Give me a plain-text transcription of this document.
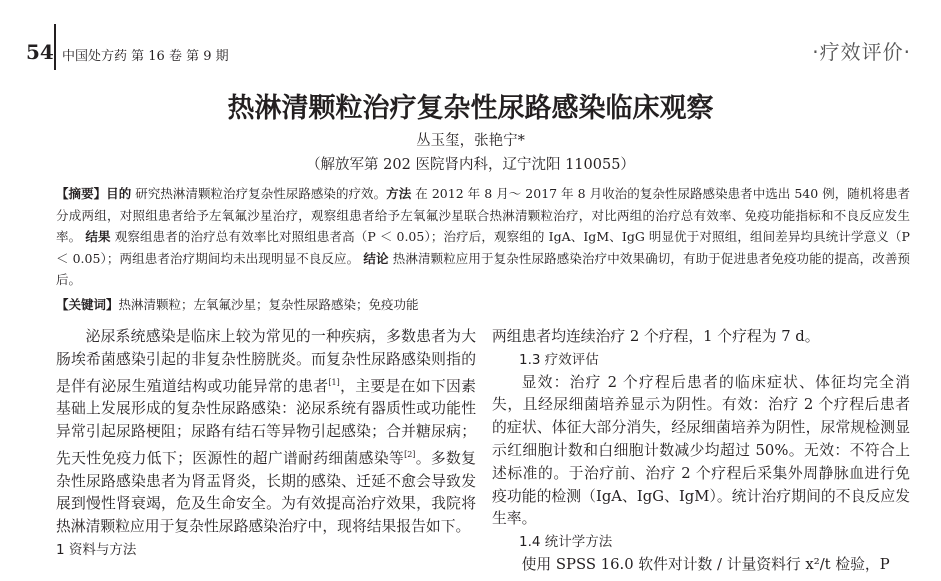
54 中国处方药 第 16 卷 第 9 期	·疗效评价·
热淋清颗粒治疗复杂性尿路感染临床观察
丛玉玺，张艳宁*
（解放军第 202 医院肾内科，辽宁沈阳 110055）
【摘要】目的 研究热淋清颗粒治疗复杂性尿路感染的疗效。方法 在 2012 年 8 月～ 2017 年 8 月收治的复杂性尿路感染患者中选出 540 例，随机将患者分成两组，对照组患者给予左氧氟沙星治疗，观察组患者给予左氧氟沙星联合热淋清颗粒治疗，对比两组的治疗总有效率、免疫功能指标和不良反应发生率。 结果 观察组患者的治疗总有效率比对照组患者高（P ＜ 0.05）；治疗后，观察组的 IgA、IgM、IgG 明显优于对照组，组间差异均具统计学意义（P ＜ 0.05）；两组患者治疗期间均未出现明显不良反应。 结论 热淋清颗粒应用于复杂性尿路感染治疗中效果确切，有助于促进患者免疫功能的提高，改善预后。
【关键词】热淋清颗粒；左氧氟沙星；复杂性尿路感染；免疫功能

泌尿系统感染是临床上较为常见的一种疾病，多数患者为大肠埃希菌感染引起的非复杂性膀胱炎。而复杂性尿路感染则指的是伴有泌尿生殖道结构或功能异常的患者[1]，主要是在如下因素基础上发展形成的复杂性尿路感染：泌尿系统有器质性或功能性异常引起尿路梗阻；尿路有结石等异物引起感染；合并糖尿病；先天性免疫力低下；医源性的超广谱耐药细菌感染等[2]。多数复杂性尿路感染患者为肾盂肾炎，长期的感染、迁延不愈会导致发展到慢性肾衰竭，危及生命安全。为有效提高治疗效果，我院将热淋清颗粒应用于复杂性尿路感染治疗中，现将结果报告如下。

1 资料与方法

两组患者均连续治疗 2 个疗程，1 个疗程为 7 d。

1.3 疗效评估

显效：治疗 2 个疗程后患者的临床症状、体征均完全消失，且经尿细菌培养显示为阴性。有效：治疗 2 个疗程后患者的症状、体征大部分消失，经尿细菌培养为阴性，尿常规检测显示红细胞计数和白细胞计数减少均超过 50%。无效：不符合上述标准的。于治疗前、治疗 2 个疗程后采集外周静脉血进行免疫功能的检测（IgA、IgG、IgM）。统计治疗期间的不良反应发生率。

1.4 统计学方法

使用 SPSS 16.0 软件对计数 / 计量资料行 x²/t 检验，P
